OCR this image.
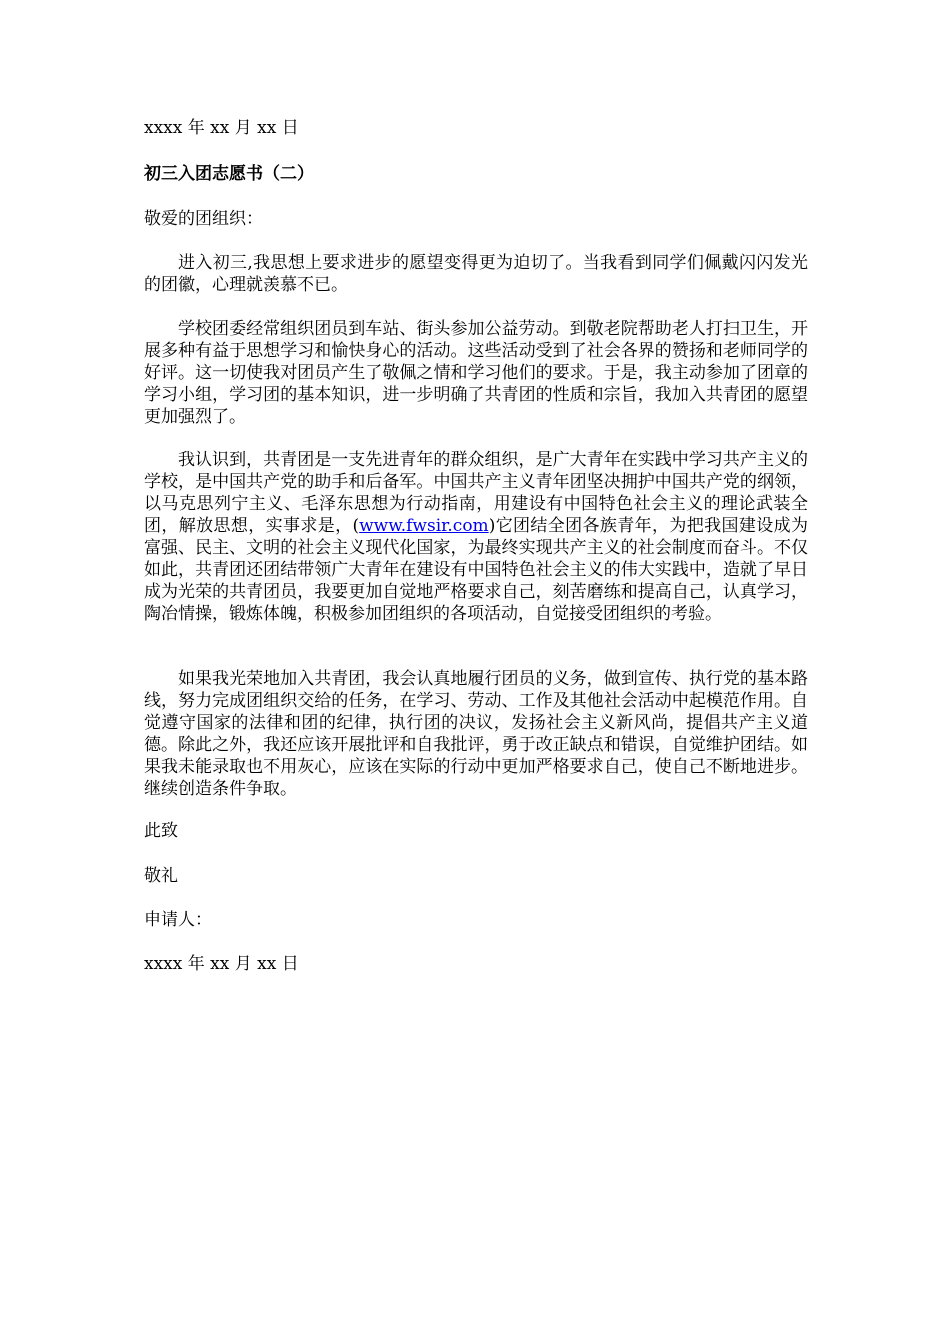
xxxx 年 xx 月 xx 日
初三入团志愿书（二）
敬爱的团组织：
进入初三,我思想上要求进步的愿望变得更为迫切了。当我看到同学们佩戴闪闪发光的团徽，心理就羡慕不已。
学校团委经常组织团员到车站、街头参加公益劳动。到敬老院帮助老人打扫卫生，开展多种有益于思想学习和愉快身心的活动。这些活动受到了社会各界的赞扬和老师同学的好评。这一切使我对团员产生了敬佩之情和学习他们的要求。于是，我主动参加了团章的学习小组，学习团的基本知识，进一步明确了共青团的性质和宗旨，我加入共青团的愿望更加强烈了。
我认识到，共青团是一支先进青年的群众组织，是广大青年在实践中学习共产主义的学校，是中国共产党的助手和后备军。中国共产主义青年团坚决拥护中国共产党的纲领，以马克思列宁主义、毛泽东思想为行动指南，用建设有中国特色社会主义的理论武装全团，解放思想，实事求是，(www.fwsir.com)它团结全团各族青年，为把我国建设成为富强、民主、文明的社会主义现代化国家，为最终实现共产主义的社会制度而奋斗。不仅如此，共青团还团结带领广大青年在建设有中国特色社会主义的伟大实践中，造就了早日成为光荣的共青团员，我要更加自觉地严格要求自己，刻苦磨练和提高自己，认真学习，陶冶情操，锻炼体魄，积极参加团组织的各项活动，自觉接受团组织的考验。
如果我光荣地加入共青团，我会认真地履行团员的义务，做到宣传、执行党的基本路线，努力完成团组织交给的任务，在学习、劳动、工作及其他社会活动中起模范作用。自觉遵守国家的法律和团的纪律，执行团的决议，发扬社会主义新风尚，提倡共产主义道德。除此之外，我还应该开展批评和自我批评，勇于改正缺点和错误，自觉维护团结。如果我未能录取也不用灰心，应该在实际的行动中更加严格要求自己，使自己不断地进步。继续创造条件争取。
此致
敬礼
申请人：
xxxx 年 xx 月 xx 日
